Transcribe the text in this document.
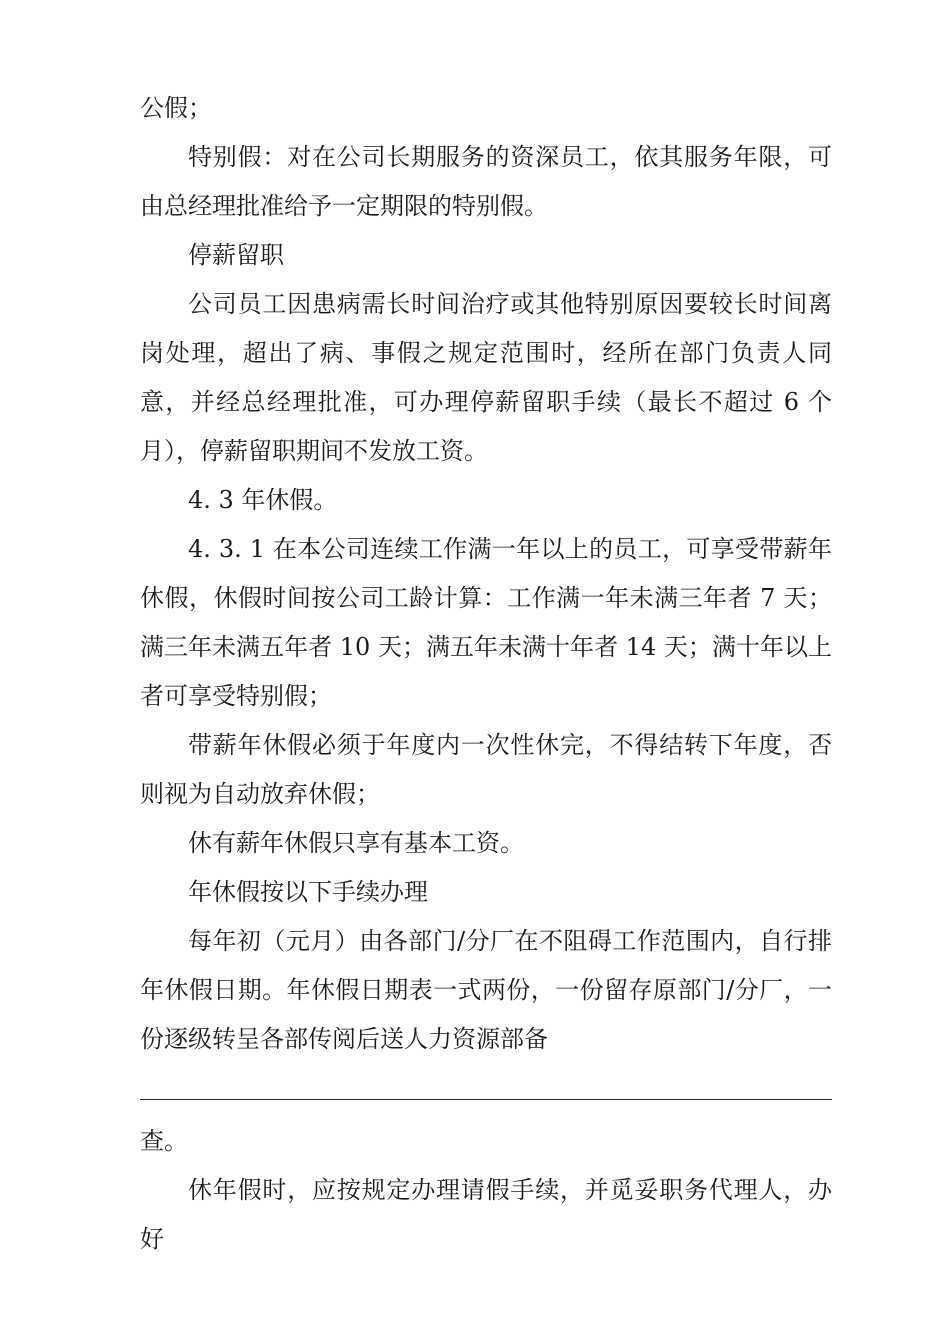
公假；

特别假：对在公司长期服务的资深员工，依其服务年限，可由总经理批准给予一定期限的特别假。

停薪留职

公司员工因患病需长时间治疗或其他特别原因要较长时间离岗处理，超出了病、事假之规定范围时，经所在部门负责人同意，并经总经理批准，可办理停薪留职手续（最长不超过 6 个月），停薪留职期间不发放工资。

4. 3 年休假。

4. 3. 1 在本公司连续工作满一年以上的员工，可享受带薪年休假，休假时间按公司工龄计算：工作满一年未满三年者 7 天；满三年未满五年者 10 天；满五年未满十年者 14 天；满十年以上者可享受特别假；

带薪年休假必须于年度内一次性休完，不得结转下年度，否则视为自动放弃休假；

休有薪年休假只享有基本工资。

年休假按以下手续办理

每年初（元月）由各部门/分厂在不阻碍工作范围内，自行排年休假日期。年休假日期表一式两份，一份留存原部门/分厂，一份逐级转呈各部传阅后送人力资源部备

查。

休年假时，应按规定办理请假手续，并觅妥职务代理人，办好
